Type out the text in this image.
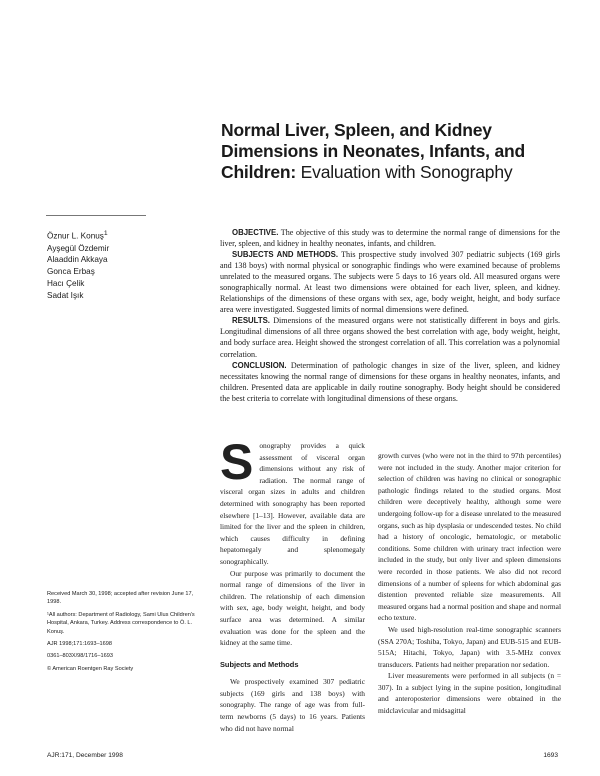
Normal Liver, Spleen, and Kidney Dimensions in Neonates, Infants, and Children: Evaluation with Sonography
Öznur L. Konuş$^1$
Ayşegül Özdemir
Alaaddin Akkaya
Gonca Erbaş
Hacı Çelik
Sadat Işık

OBJECTIVE. The objective of this study was to determine the normal range of dimensions for the liver, spleen, and kidney in healthy neonates, infants, and children.

SUBJECTS AND METHODS. This prospective study involved 307 pediatric subjects (169 girls and 138 boys) with normal physical or sonographic findings who were examined because of problems unrelated to the measured organs. The subjects were 5 days to 16 years old. All measured organs were sonographically normal. At least two dimensions were obtained for each liver, spleen, and kidney. Relationships of the dimensions of these organs with sex, age, body weight, height, and body surface area were investigated. Suggested limits of normal dimensions were defined.

RESULTS. Dimensions of the measured organs were not statistically different in boys and girls. Longitudinal dimensions of all three organs showed the best correlation with age, body weight, height, and body surface area. Height showed the strongest correlation of all. This correlation was a polynomial correlation.

CONCLUSION. Determination of pathologic changes in size of the liver, spleen, and kidney necessitates knowing the normal range of dimensions for these organs in healthy neonates, infants, and children. Presented data are applicable in daily routine sonography. Body height should be considered the best criteria to correlate with longitudinal dimensions of these organs.

Sonography provides a quick assessment of visceral organ dimensions without any risk of radiation. The normal range of visceral organ sizes in adults and children determined with sonography has been reported elsewhere [1–13]. However, available data are limited for the liver and the spleen in children, which causes difficulty in defining hepatomegaly and splenomegaly sonographically.

Our purpose was primarily to document the normal range of dimensions of the liver in children. The relationship of each dimension with sex, age, body weight, height, and body surface area was determined. A similar evaluation was done for the spleen and the kidney at the same time.

Subjects and Methods

We prospectively examined 307 pediatric subjects (169 girls and 138 boys) with sonography. The range of age was from full-term newborns (5 days) to 16 years. Patients who did not have normal

growth curves (who were not in the third to 97th percentiles) were not included in the study. Another major criterion for selection of children was having no clinical or sonographic pathologic findings related to the studied organs. Most children were deceptively healthy, although some were undergoing follow-up for a disease unrelated to the measured organs, such as hip dysplasia or undescended testes. No child had a history of oncologic, hematologic, or metabolic conditions. Some children with urinary tract infection were included in the study, but only liver and spleen dimensions were recorded in those patients. We also did not record dimensions of a number of spleens for which abdominal gas distention prevented reliable size measurements. All measured organs had a normal position and shape and normal echo texture.

We used high-resolution real-time sonographic scanners (SSA 270A; Toshiba, Tokyo, Japan) and EUB-515 and EUB-515A; Hitachi, Tokyo, Japan) with 3.5-MHz convex transducers. Patients had neither preparation nor sedation.

Liver measurements were performed in all subjects (n = 307). In a subject lying in the supine position, longitudinal and anteroposterior dimensions were obtained in the midclavicular and midsagittal

Received March 30, 1998; accepted after revision June 17, 1998.
¹All authors: Department of Radiology, Sami Ulus Children's Hospital, Ankara, Turkey. Address correspondence to Ö. L. Konuş.
AJR 1998;171:1693–1698
0361–803X/98/1716–1693
© American Roentgen Ray Society
AJR:171, December 1998	1693
